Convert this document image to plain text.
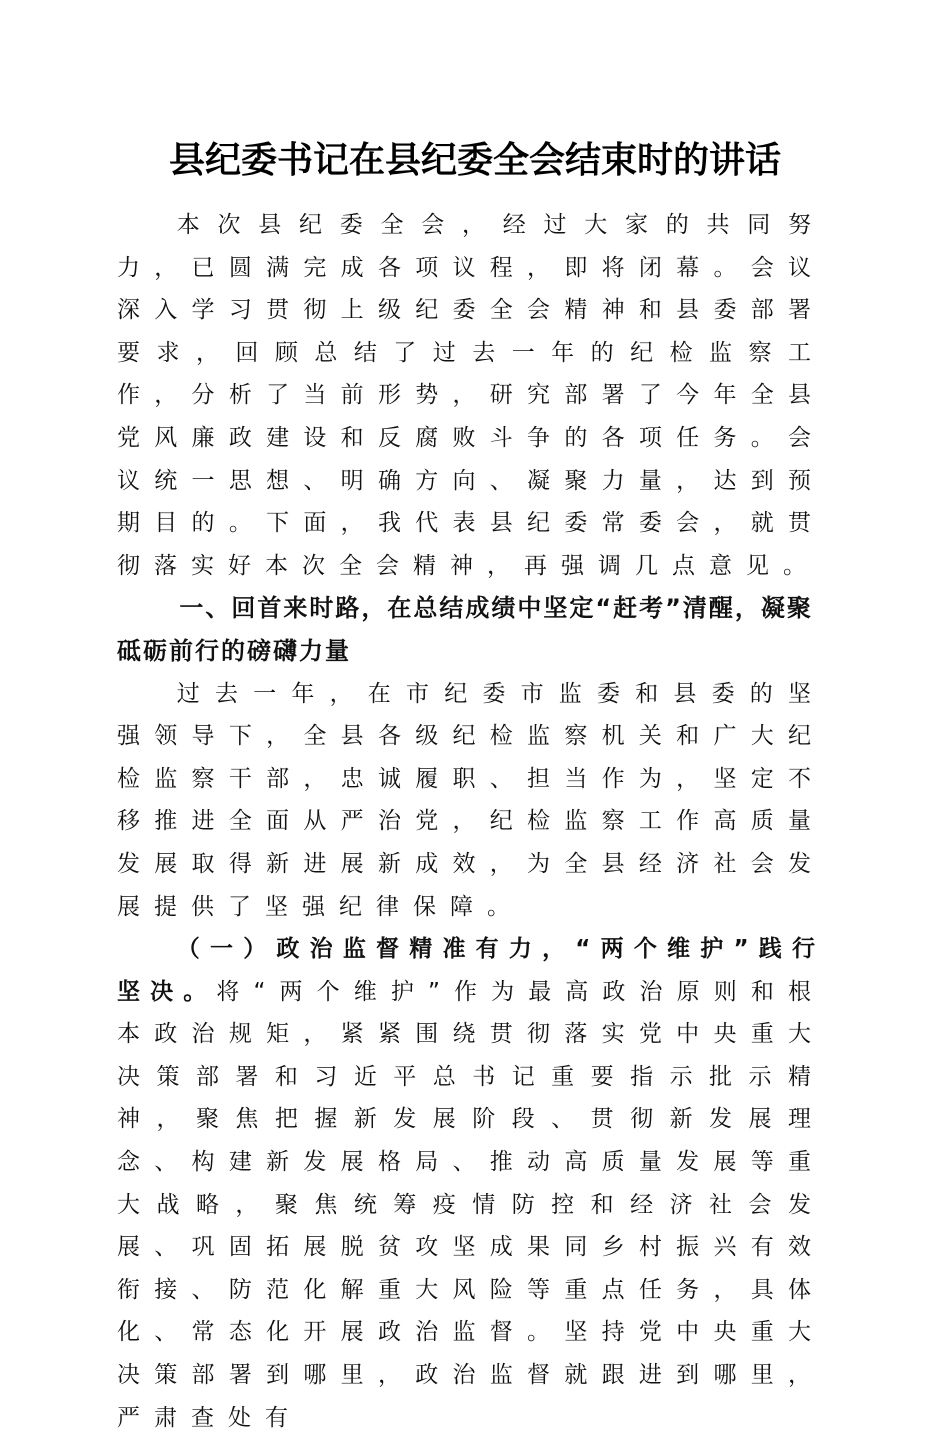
县纪委书记在县纪委全会结束时的讲话

本次县纪委全会，经过大家的共同努力，已圆满完成各项议程，即将闭幕。会议深入学习贯彻上级纪委全会精神和县委部署要求，回顾总结了过去一年的纪检监察工作，分析了当前形势，研究部署了今年全县党风廉政建设和反腐败斗争的各项任务。会议统一思想、明确方向、凝聚力量，达到预期目的。下面，我代表县纪委常委会，就贯彻落实好本次全会精神，再强调几点意见。

一、回首来时路，在总结成绩中坚定“赶考”清醒，凝聚砥砺前行的磅礴力量

过去一年，在市纪委市监委和县委的坚强领导下，全县各级纪检监察机关和广大纪检监察干部，忠诚履职、担当作为，坚定不移推进全面从严治党，纪检监察工作高质量发展取得新进展新成效，为全县经济社会发展提供了坚强纪律保障。

（一）政治监督精准有力，“两个维护”践行坚决。将“两个维护”作为最高政治原则和根本政治规矩，紧紧围绕贯彻落实党中央重大决策部署和习近平总书记重要指示批示精神，聚焦把握新发展阶段、贯彻新发展理念、构建新发展格局、推动高质量发展等重大战略，聚焦统筹疫情防控和经济社会发展、巩固拓展脱贫攻坚成果同乡村振兴有效衔接、防范化解重大风险等重点任务，具体化、常态化开展政治监督。坚持党中央重大决策部署到哪里，政治监督就跟进到哪里，严肃查处有
